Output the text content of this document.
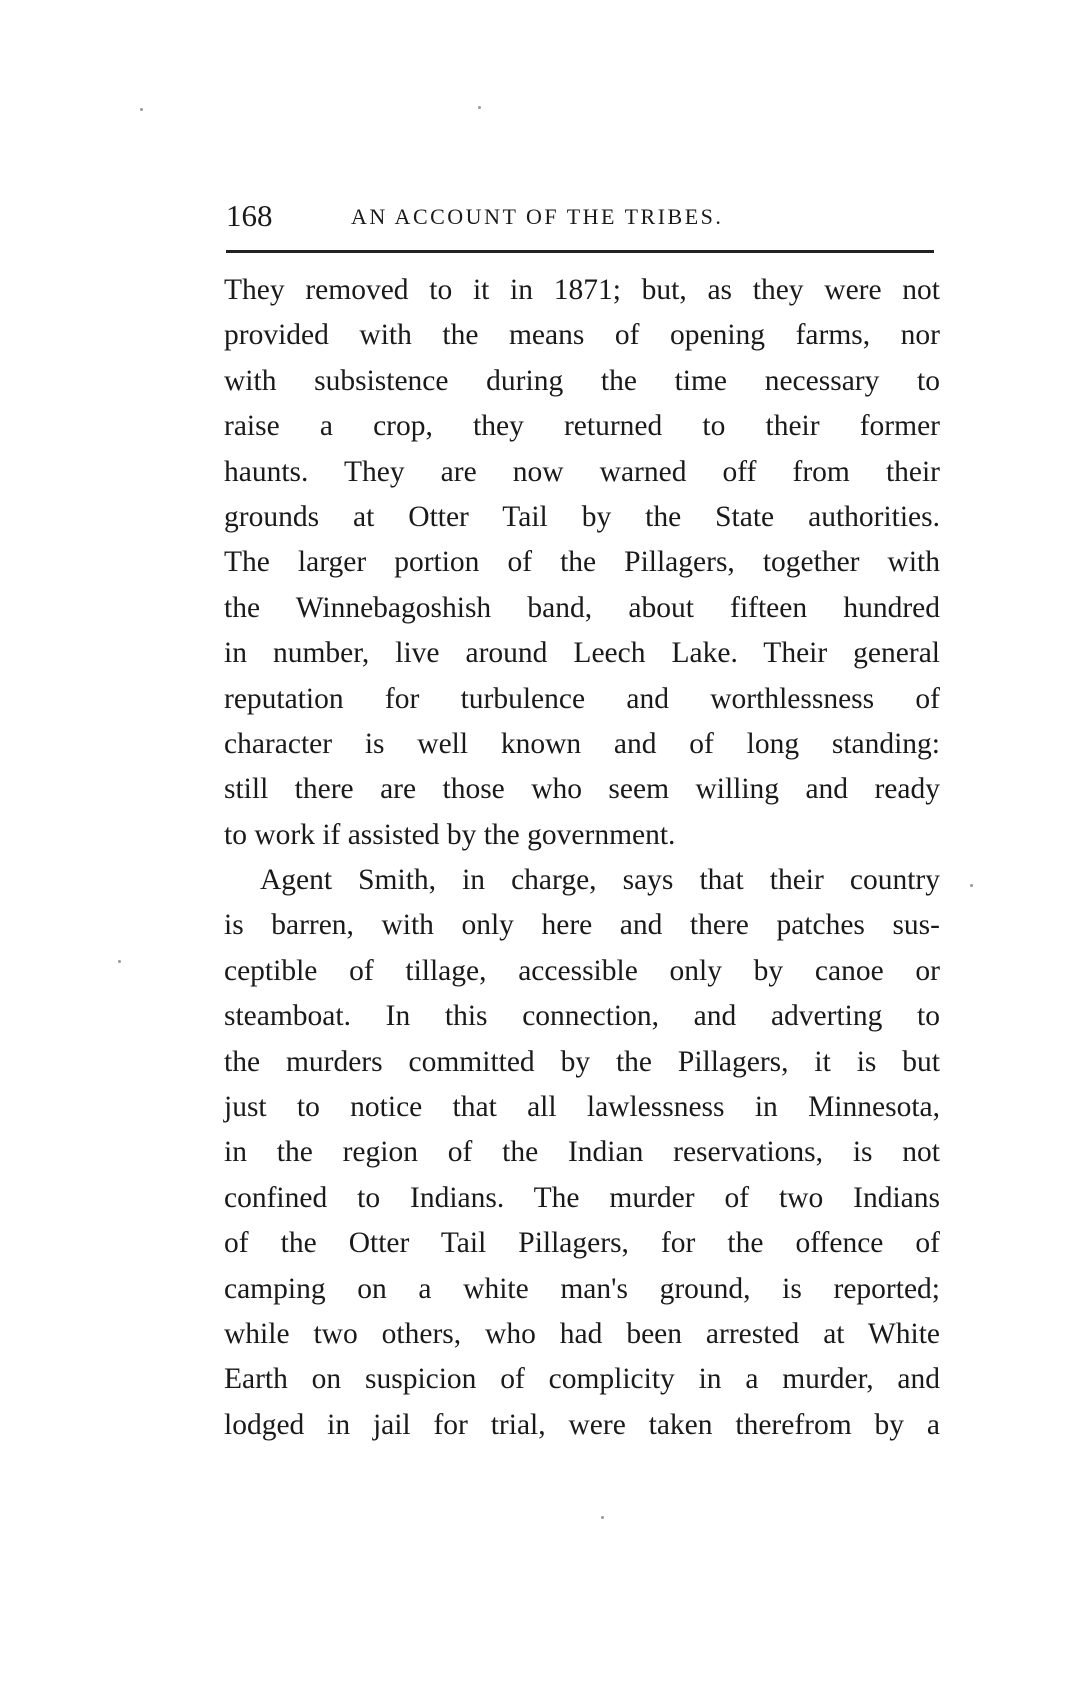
168	AN ACCOUNT OF THE TRIBES.

They removed to it in 1871; but, as they were not
provided with the means of opening farms, nor
with subsistence during the time necessary to
raise a crop, they returned to their former
haunts. They are now warned off from their
grounds at Otter Tail by the State authorities.
The larger portion of the Pillagers, together with
the Winnebagoshish band, about fifteen hundred
in number, live around Leech Lake. Their general
reputation for turbulence and worthlessness of
character is well known and of long standing:
still there are those who seem willing and ready
to work if assisted by the government.

Agent Smith, in charge, says that their country
is barren, with only here and there patches sus-
ceptible of tillage, accessible only by canoe or
steamboat. In this connection, and adverting to
the murders committed by the Pillagers, it is but
just to notice that all lawlessness in Minnesota,
in the region of the Indian reservations, is not
confined to Indians. The murder of two Indians
of the Otter Tail Pillagers, for the offence of
camping on a white man's ground, is reported;
while two others, who had been arrested at White
Earth on suspicion of complicity in a murder, and
lodged in jail for trial, were taken therefrom by a
